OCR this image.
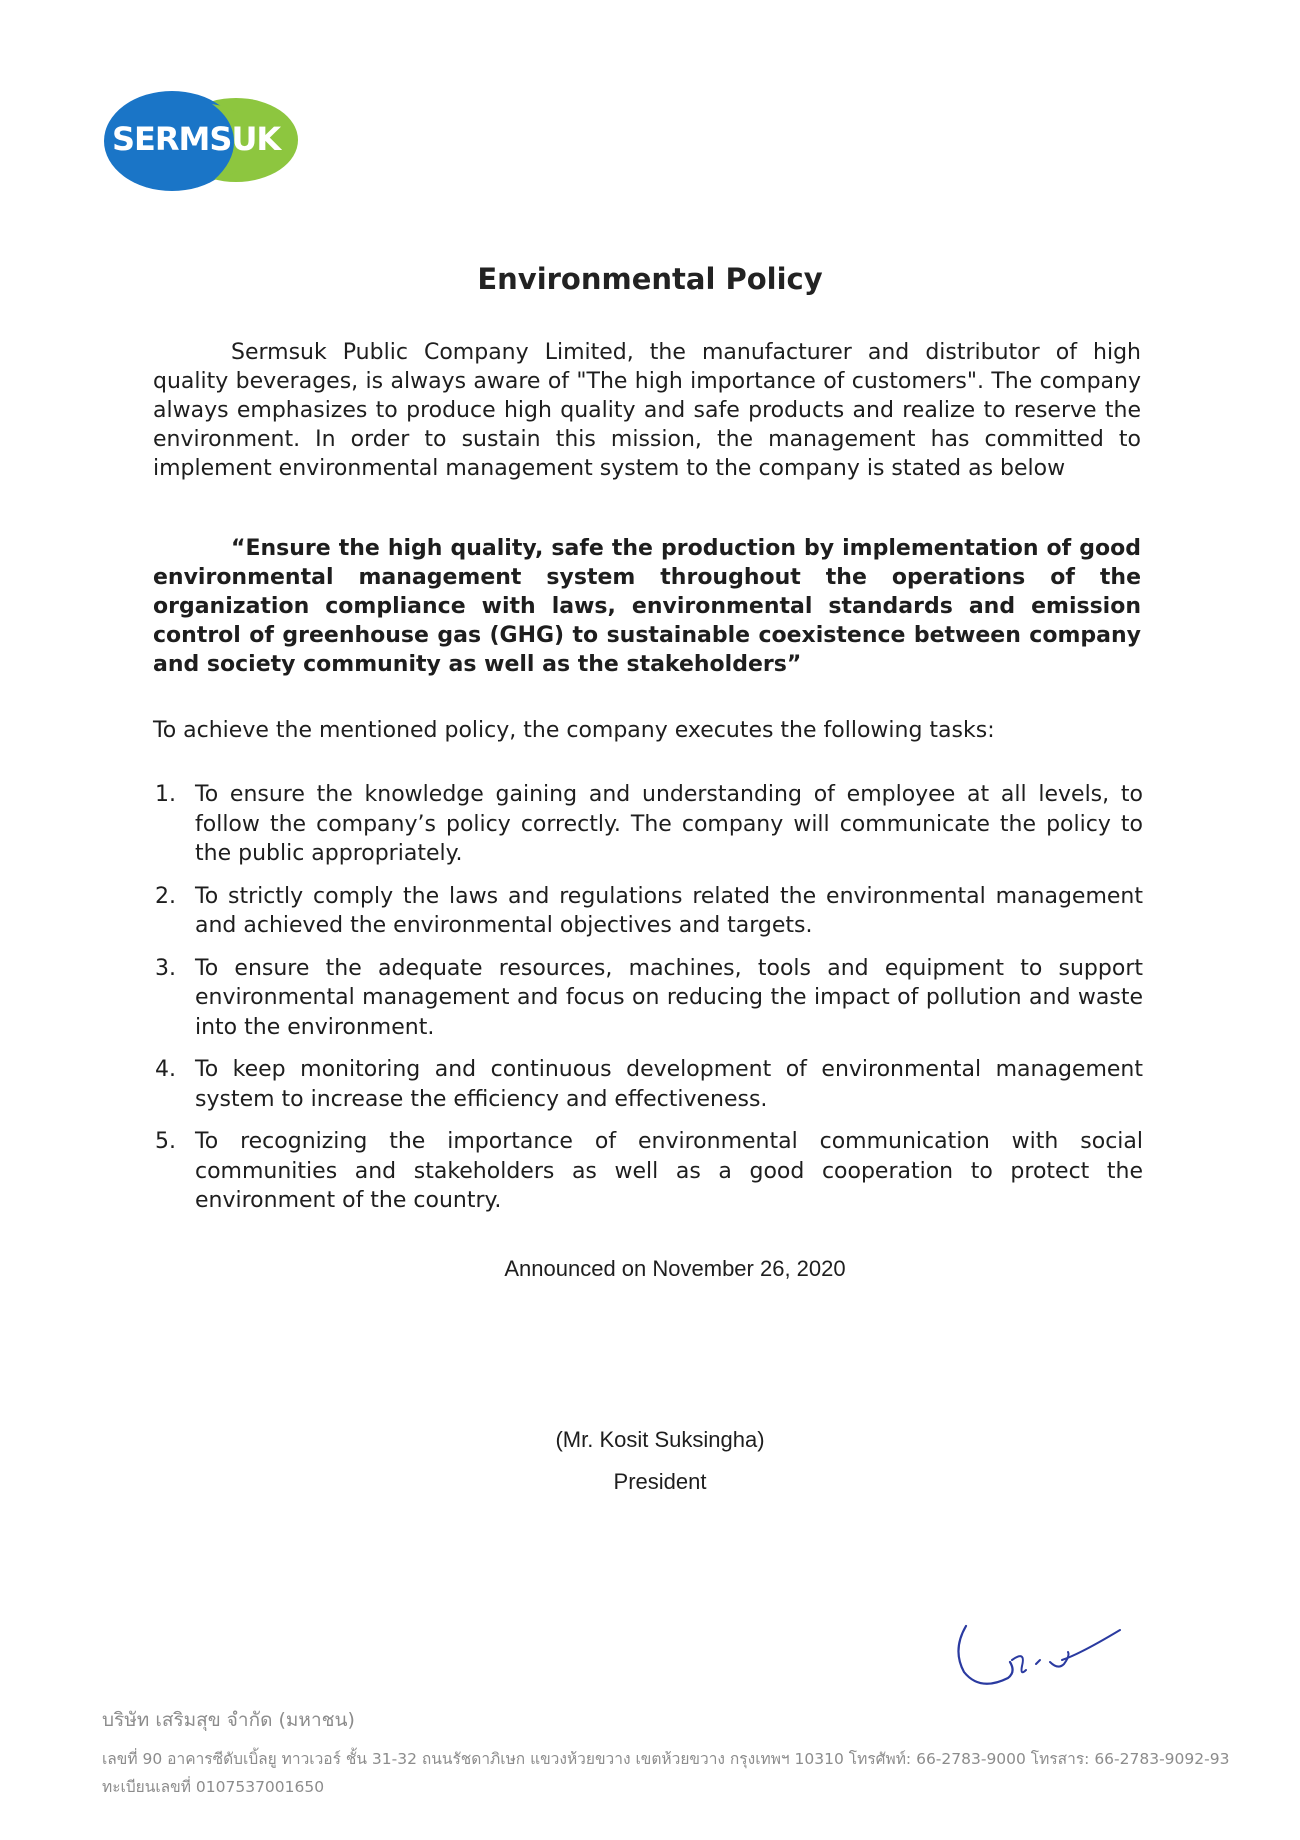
SERMSUK
Environmental Policy
Sermsuk Public Company Limited, the manufacturer and distributor of high quality beverages, is always aware of "The high importance of customers". The company always emphasizes to produce high quality and safe products and realize to reserve the environment. In order to sustain this mission, the management has committed to implement environmental management system to the company is stated as below
“Ensure the high quality, safe the production by implementation of good environmental management system throughout the operations of the organization compliance with laws, environmental standards and emission control of greenhouse gas (GHG) to sustainable coexistence between company and society community as well as the stakeholders”
To achieve the mentioned policy, the company executes the following tasks:
1. To ensure the knowledge gaining and understanding of employee at all levels, to follow the company’s policy correctly. The company will communicate the policy to the public appropriately.
2. To strictly comply the laws and regulations related the environmental management and achieved the environmental objectives and targets.
3. To ensure the adequate resources, machines, tools and equipment to support environmental management and focus on reducing the impact of pollution and waste into the environment.
4. To keep monitoring and continuous development of environmental management system to increase the efficiency and effectiveness.
5. To recognizing the importance of environmental communication with social communities and stakeholders as well as a good cooperation to protect the environment of the country.
Announced on November 26, 2020
(Mr. Kosit Suksingha)
President
บริษัท เสริมสุข จำกัด (มหาชน)
เลขที่ 90 อาคารซีดับเบิ้ลยู ทาวเวอร์ ชั้น 31-32 ถนนรัชดาภิเษก แขวงห้วยขวาง เขตห้วยขวาง กรุงเทพฯ 10310 โทรศัพท์: 66-2783-9000 โทรสาร: 66-2783-9092-93
ทะเบียนเลขที่ 0107537001650
